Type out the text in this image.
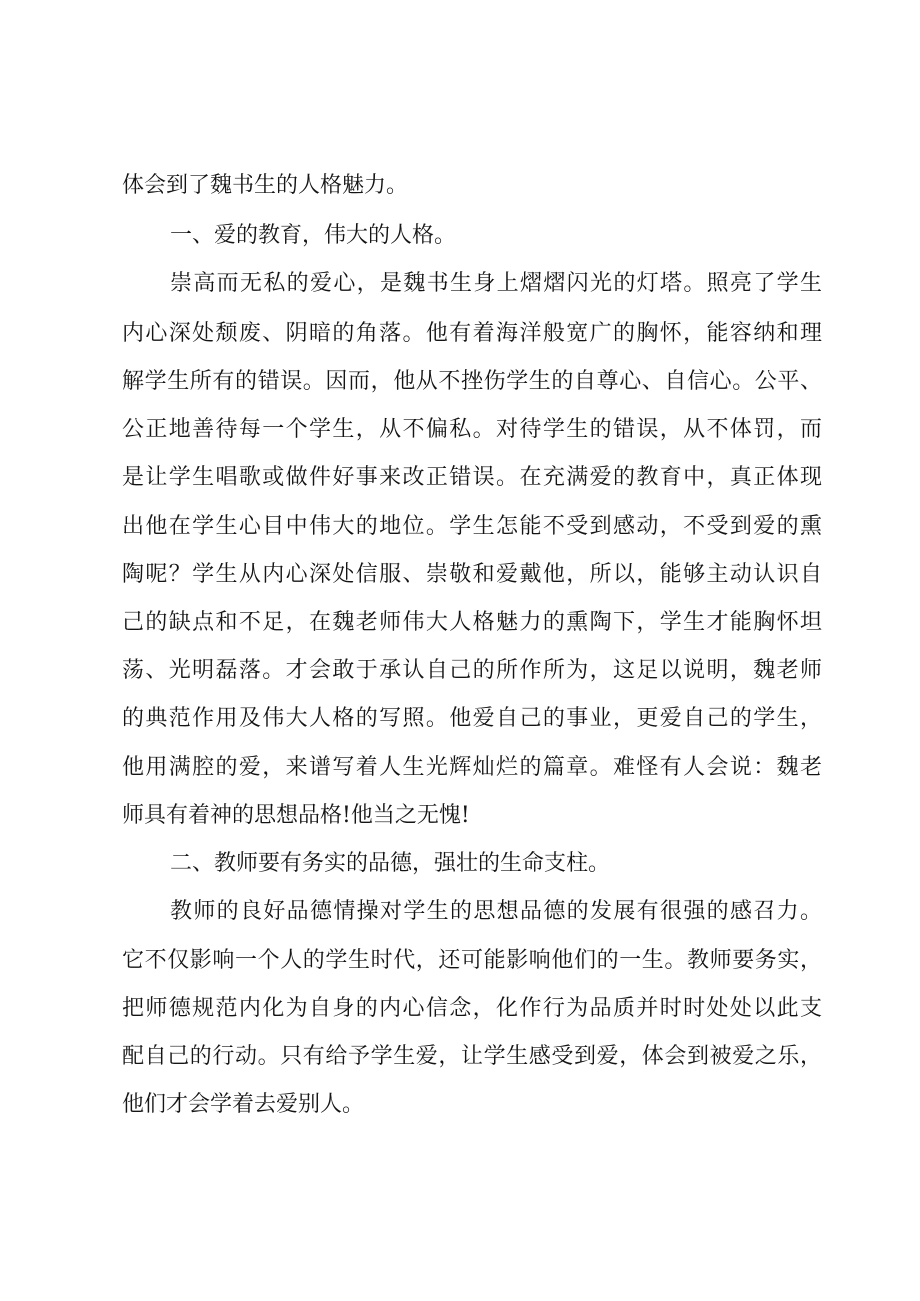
体会到了魏书生的人格魅力。

一、爱的教育，伟大的人格。

崇高而无私的爱心，是魏书生身上熠熠闪光的灯塔。照亮了学生

内心深处颓废、阴暗的角落。他有着海洋般宽广的胸怀，能容纳和理

解学生所有的错误。因而，他从不挫伤学生的自尊心、自信心。公平、

公正地善待每一个学生，从不偏私。对待学生的错误，从不体罚，而

是让学生唱歌或做件好事来改正错误。在充满爱的教育中，真正体现

出他在学生心目中伟大的地位。学生怎能不受到感动，不受到爱的熏

陶呢？学生从内心深处信服、崇敬和爱戴他，所以，能够主动认识自

己的缺点和不足，在魏老师伟大人格魅力的熏陶下，学生才能胸怀坦

荡、光明磊落。才会敢于承认自己的所作所为，这足以说明，魏老师

的典范作用及伟大人格的写照。他爱自己的事业，更爱自己的学生，

他用满腔的爱，来谱写着人生光辉灿烂的篇章。难怪有人会说：魏老

师具有着神的思想品格!他当之无愧!

二、教师要有务实的品德，强壮的生命支柱。

教师的良好品德情操对学生的思想品德的发展有很强的感召力。

它不仅影响一个人的学生时代，还可能影响他们的一生。教师要务实，

把师德规范内化为自身的内心信念，化作行为品质并时时处处以此支

配自己的行动。只有给予学生爱，让学生感受到爱，体会到被爱之乐，

他们才会学着去爱别人。
